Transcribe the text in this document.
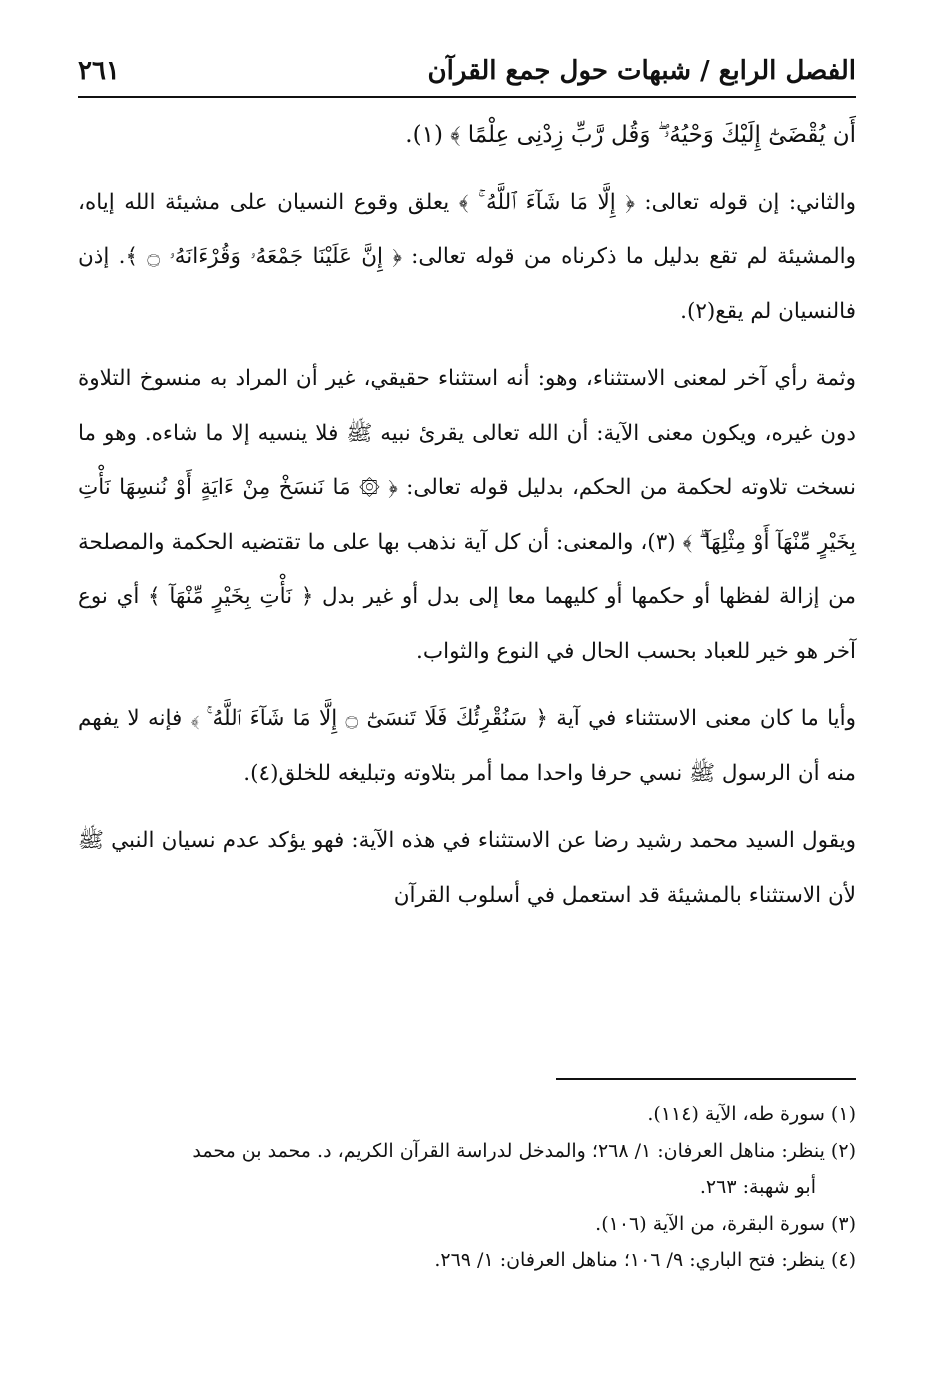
الفصل الرابع / شبهات حول جمع القرآن
٢٦١

أَن يُقْضَىٰٓ إِلَيْكَ وَحْيُهُۥ ۖ وَقُل رَّبِّ زِدْنِى عِلْمًا ﴾ (١).

والثاني: إن قوله تعالى: ﴿ إِلَّا مَا شَآءَ ٱللَّهُ ۚ ﴾ يعلق وقوع النسيان على مشيئة الله إياه، والمشيئة لم تقع بدليل ما ذكرناه من قوله تعالى: ﴿ إِنَّ عَلَيْنَا جَمْعَهُۥ وَقُرْءَانَهُۥ ۝ ﴾. إذن فالنسيان لم يقع(٢).

وثمة رأي آخر لمعنى الاستثناء، وهو: أنه استثناء حقيقي، غير أن المراد به منسوخ التلاوة دون غيره، ويكون معنى الآية: أن الله تعالى يقرئ نبيه ﷺ فلا ينسيه إلا ما شاءه. وهو ما نسخت تلاوته لحكمة من الحكم، بدليل قوله تعالى: ﴿ ۞ مَا نَنسَخْ مِنْ ءَايَةٍ أَوْ نُنسِهَا نَأْتِ بِخَيْرٍ مِّنْهَآ أَوْ مِثْلِهَآ ۗ ﴾ (٣)، والمعنى: أن كل آية نذهب بها على ما تقتضيه الحكمة والمصلحة من إزالة لفظها أو حكمها أو كليهما معا إلى بدل أو غير بدل ﴿ نَأْتِ بِخَيْرٍ مِّنْهَآ ﴾ أي نوع آخر هو خير للعباد بحسب الحال في النوع والثواب.

وأيا ما كان معنى الاستثناء في آية ﴿ سَنُقْرِئُكَ فَلَا تَنسَىٰٓ ۝ إِلَّا مَا شَآءَ ٱللَّهُ ۚ ﴾ فإنه لا يفهم منه أن الرسول ﷺ نسي حرفا واحدا مما أمر بتلاوته وتبليغه للخلق(٤).

ويقول السيد محمد رشيد رضا عن الاستثناء في هذه الآية: فهو يؤكد عدم نسيان النبي ﷺ لأن الاستثناء بالمشيئة قد استعمل في أسلوب القرآن

(١) سورة طه، الآية (١١٤).

(٢) ينظر: مناهل العرفان: ١/ ٢٦٨؛ والمدخل لدراسة القرآن الكريم، د. محمد بن محمد

أبو شهبة: ٢٦٣.

(٣) سورة البقرة، من الآية (١٠٦).

(٤) ينظر: فتح الباري: ٩/ ١٠٦؛ مناهل العرفان: ١/ ٢٦٩.
